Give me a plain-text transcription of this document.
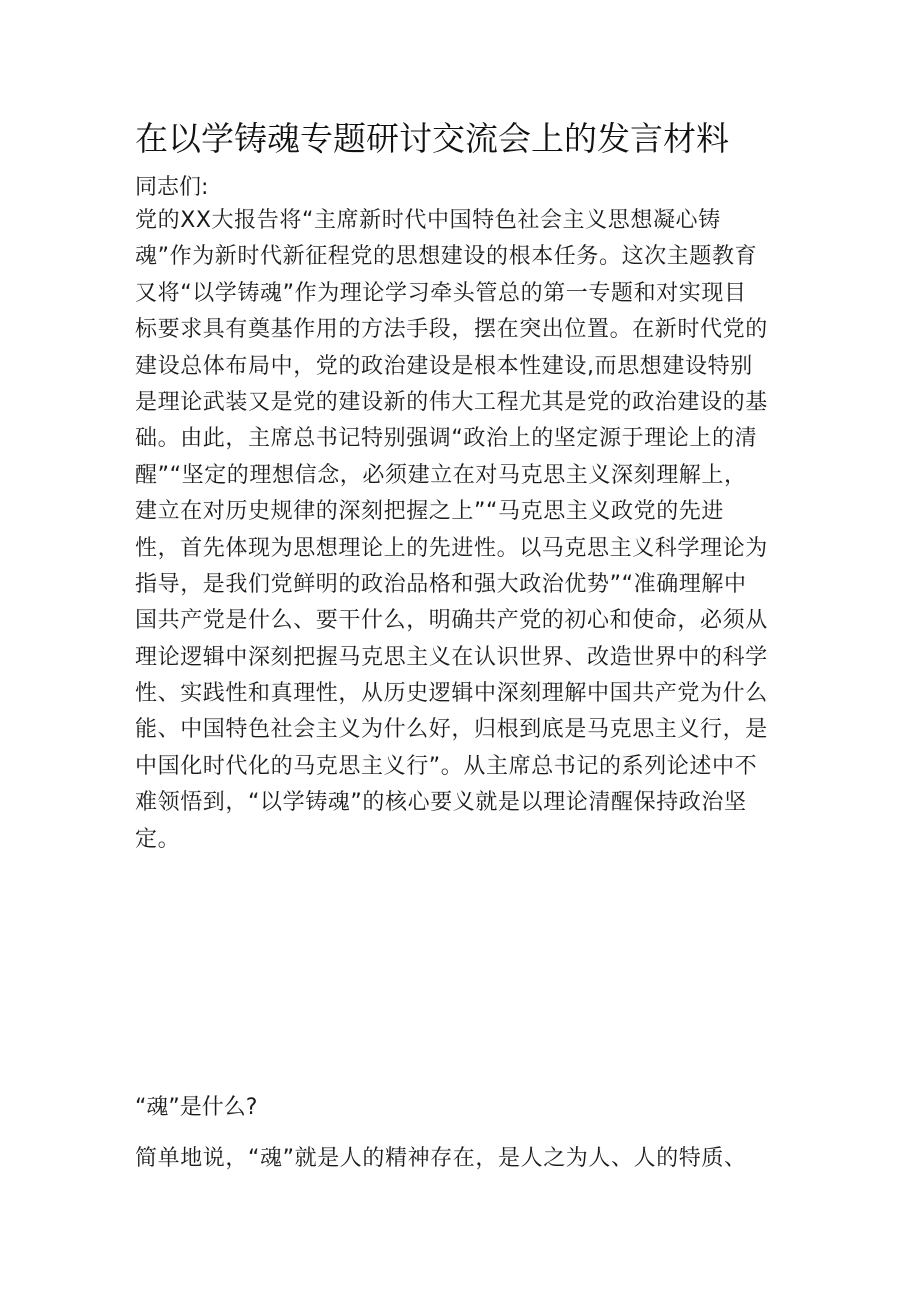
在以学铸魂专题研讨交流会上的发言材料
同志们:
党的XX大报告将“主席新时代中国特色社会主义思想凝心铸
魂”作为新时代新征程党的思想建设的根本任务。这次主题教育
又将“以学铸魂”作为理论学习牵头管总的第一专题和对实现目
标要求具有奠基作用的方法手段，摆在突出位置。在新时代党的
建设总体布局中，党的政治建设是根本性建设,而思想建设特别
是理论武装又是党的建设新的伟大工程尤其是党的政治建设的基
础。由此，主席总书记特别强调“政治上的坚定源于理论上的清
醒”“坚定的理想信念，必须建立在对马克思主义深刻理解上，
建立在对历史规律的深刻把握之上”“马克思主义政党的先进
性，首先体现为思想理论上的先进性。以马克思主义科学理论为
指导，是我们党鲜明的政治品格和强大政治优势”“准确理解中
国共产党是什么、要干什么，明确共产党的初心和使命，必须从
理论逻辑中深刻把握马克思主义在认识世界、改造世界中的科学
性、实践性和真理性，从历史逻辑中深刻理解中国共产党为什么
能、中国特色社会主义为什么好，归根到底是马克思主义行，是
中国化时代化的马克思主义行”。从主席总书记的系列论述中不
难领悟到，“以学铸魂”的核心要义就是以理论清醒保持政治坚
定。
“魂”是什么?
简单地说，“魂”就是人的精神存在，是人之为人、人的特质、
